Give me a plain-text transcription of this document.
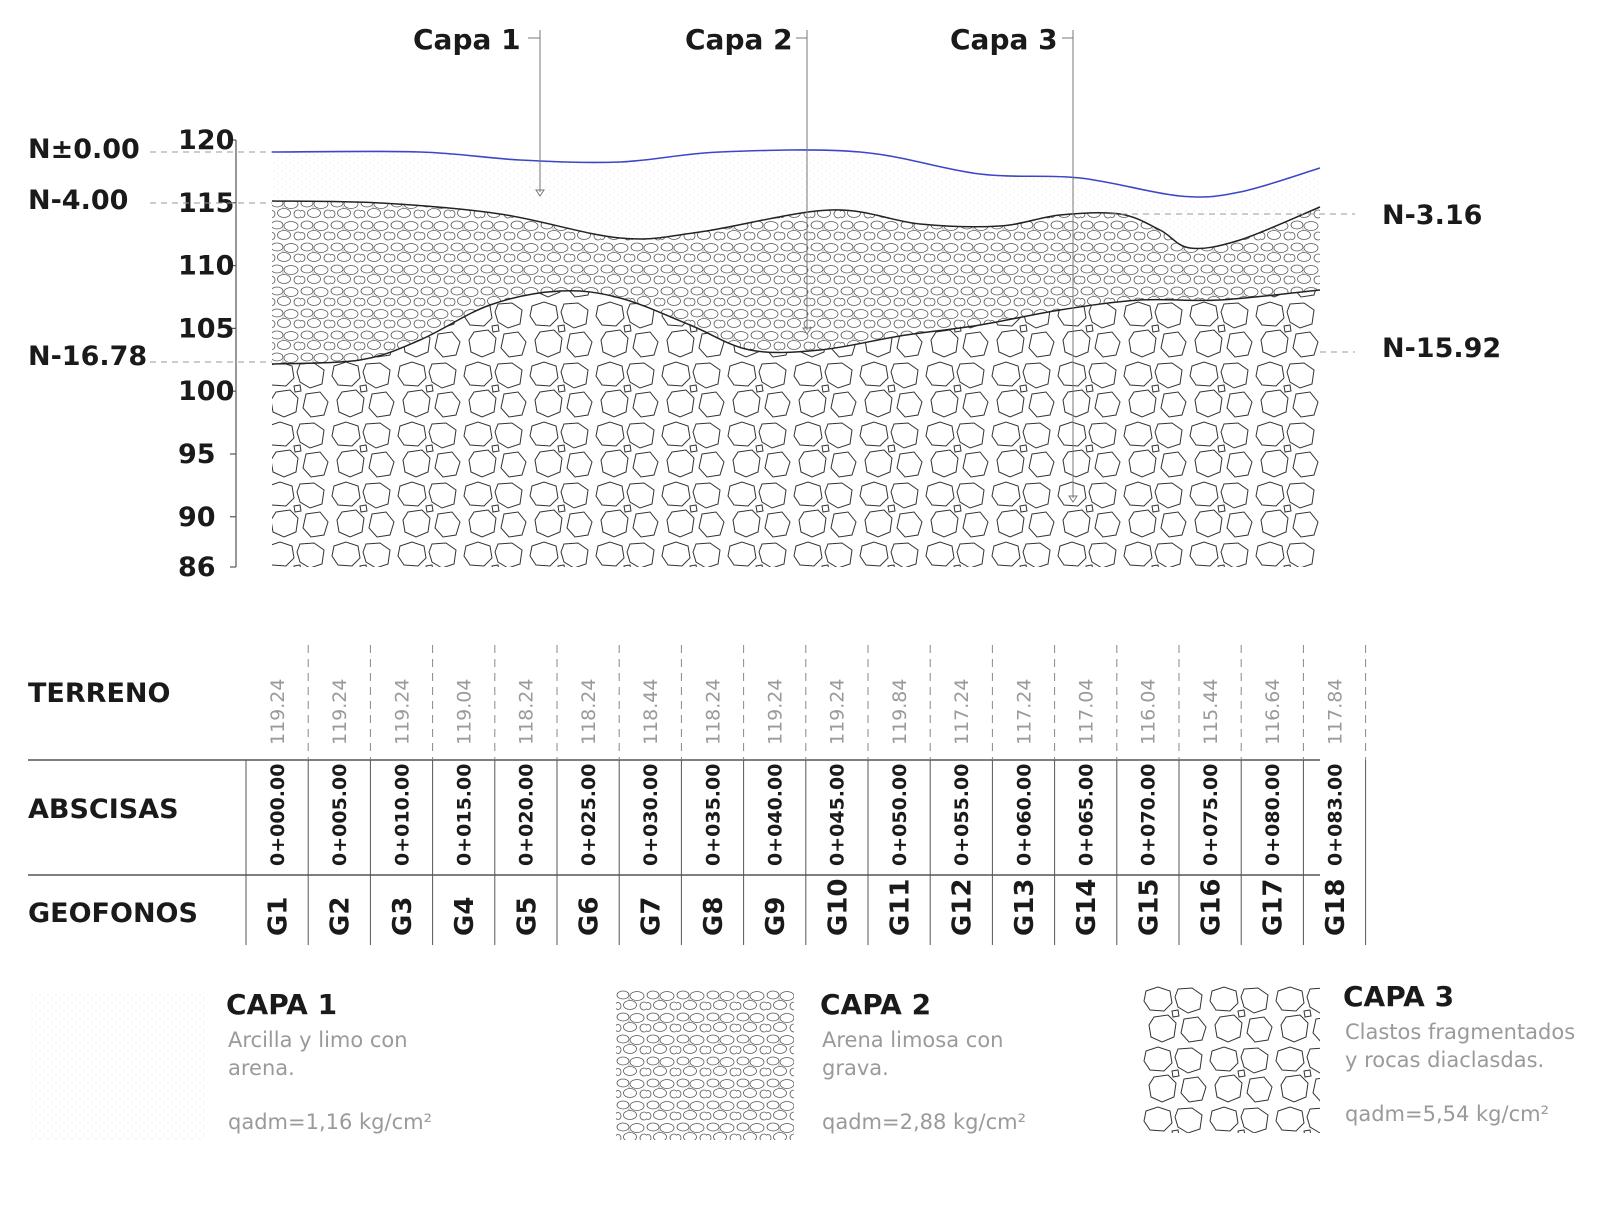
120
115
110
105
100
95
90
86
N±0.00
N-4.00
N-16.78
N-3.16
N-15.92
Capa 1	Capa 2	Capa 3
TERRENO
ABSCISAS
GEOFONOS
119.24
0+000.00
G1
119.24
0+005.00
G2
119.24
0+010.00
G3
119.04
0+015.00
G4
118.24
0+020.00
G5
118.24
0+025.00
G6
118.44
0+030.00
G7
118.24
0+035.00
G8
119.24
0+040.00
G9
119.24
0+045.00
G10
119.84
0+050.00
G11
117.24
0+055.00
G12
117.24
0+060.00
G13
117.04
0+065.00
G14
116.04
0+070.00
G15
115.44
0+075.00
G16
116.64
0+080.00
G17
117.84
0+083.00
G18
CAPA 1
Arcilla y limo con
arena.
qadm=1,16 kg/cm²
CAPA 2
Arena limosa con
grava.
qadm=2,88 kg/cm²
CAPA 3
Clastos fragmentados
y rocas diaclasdas.
qadm=5,54 kg/cm²
